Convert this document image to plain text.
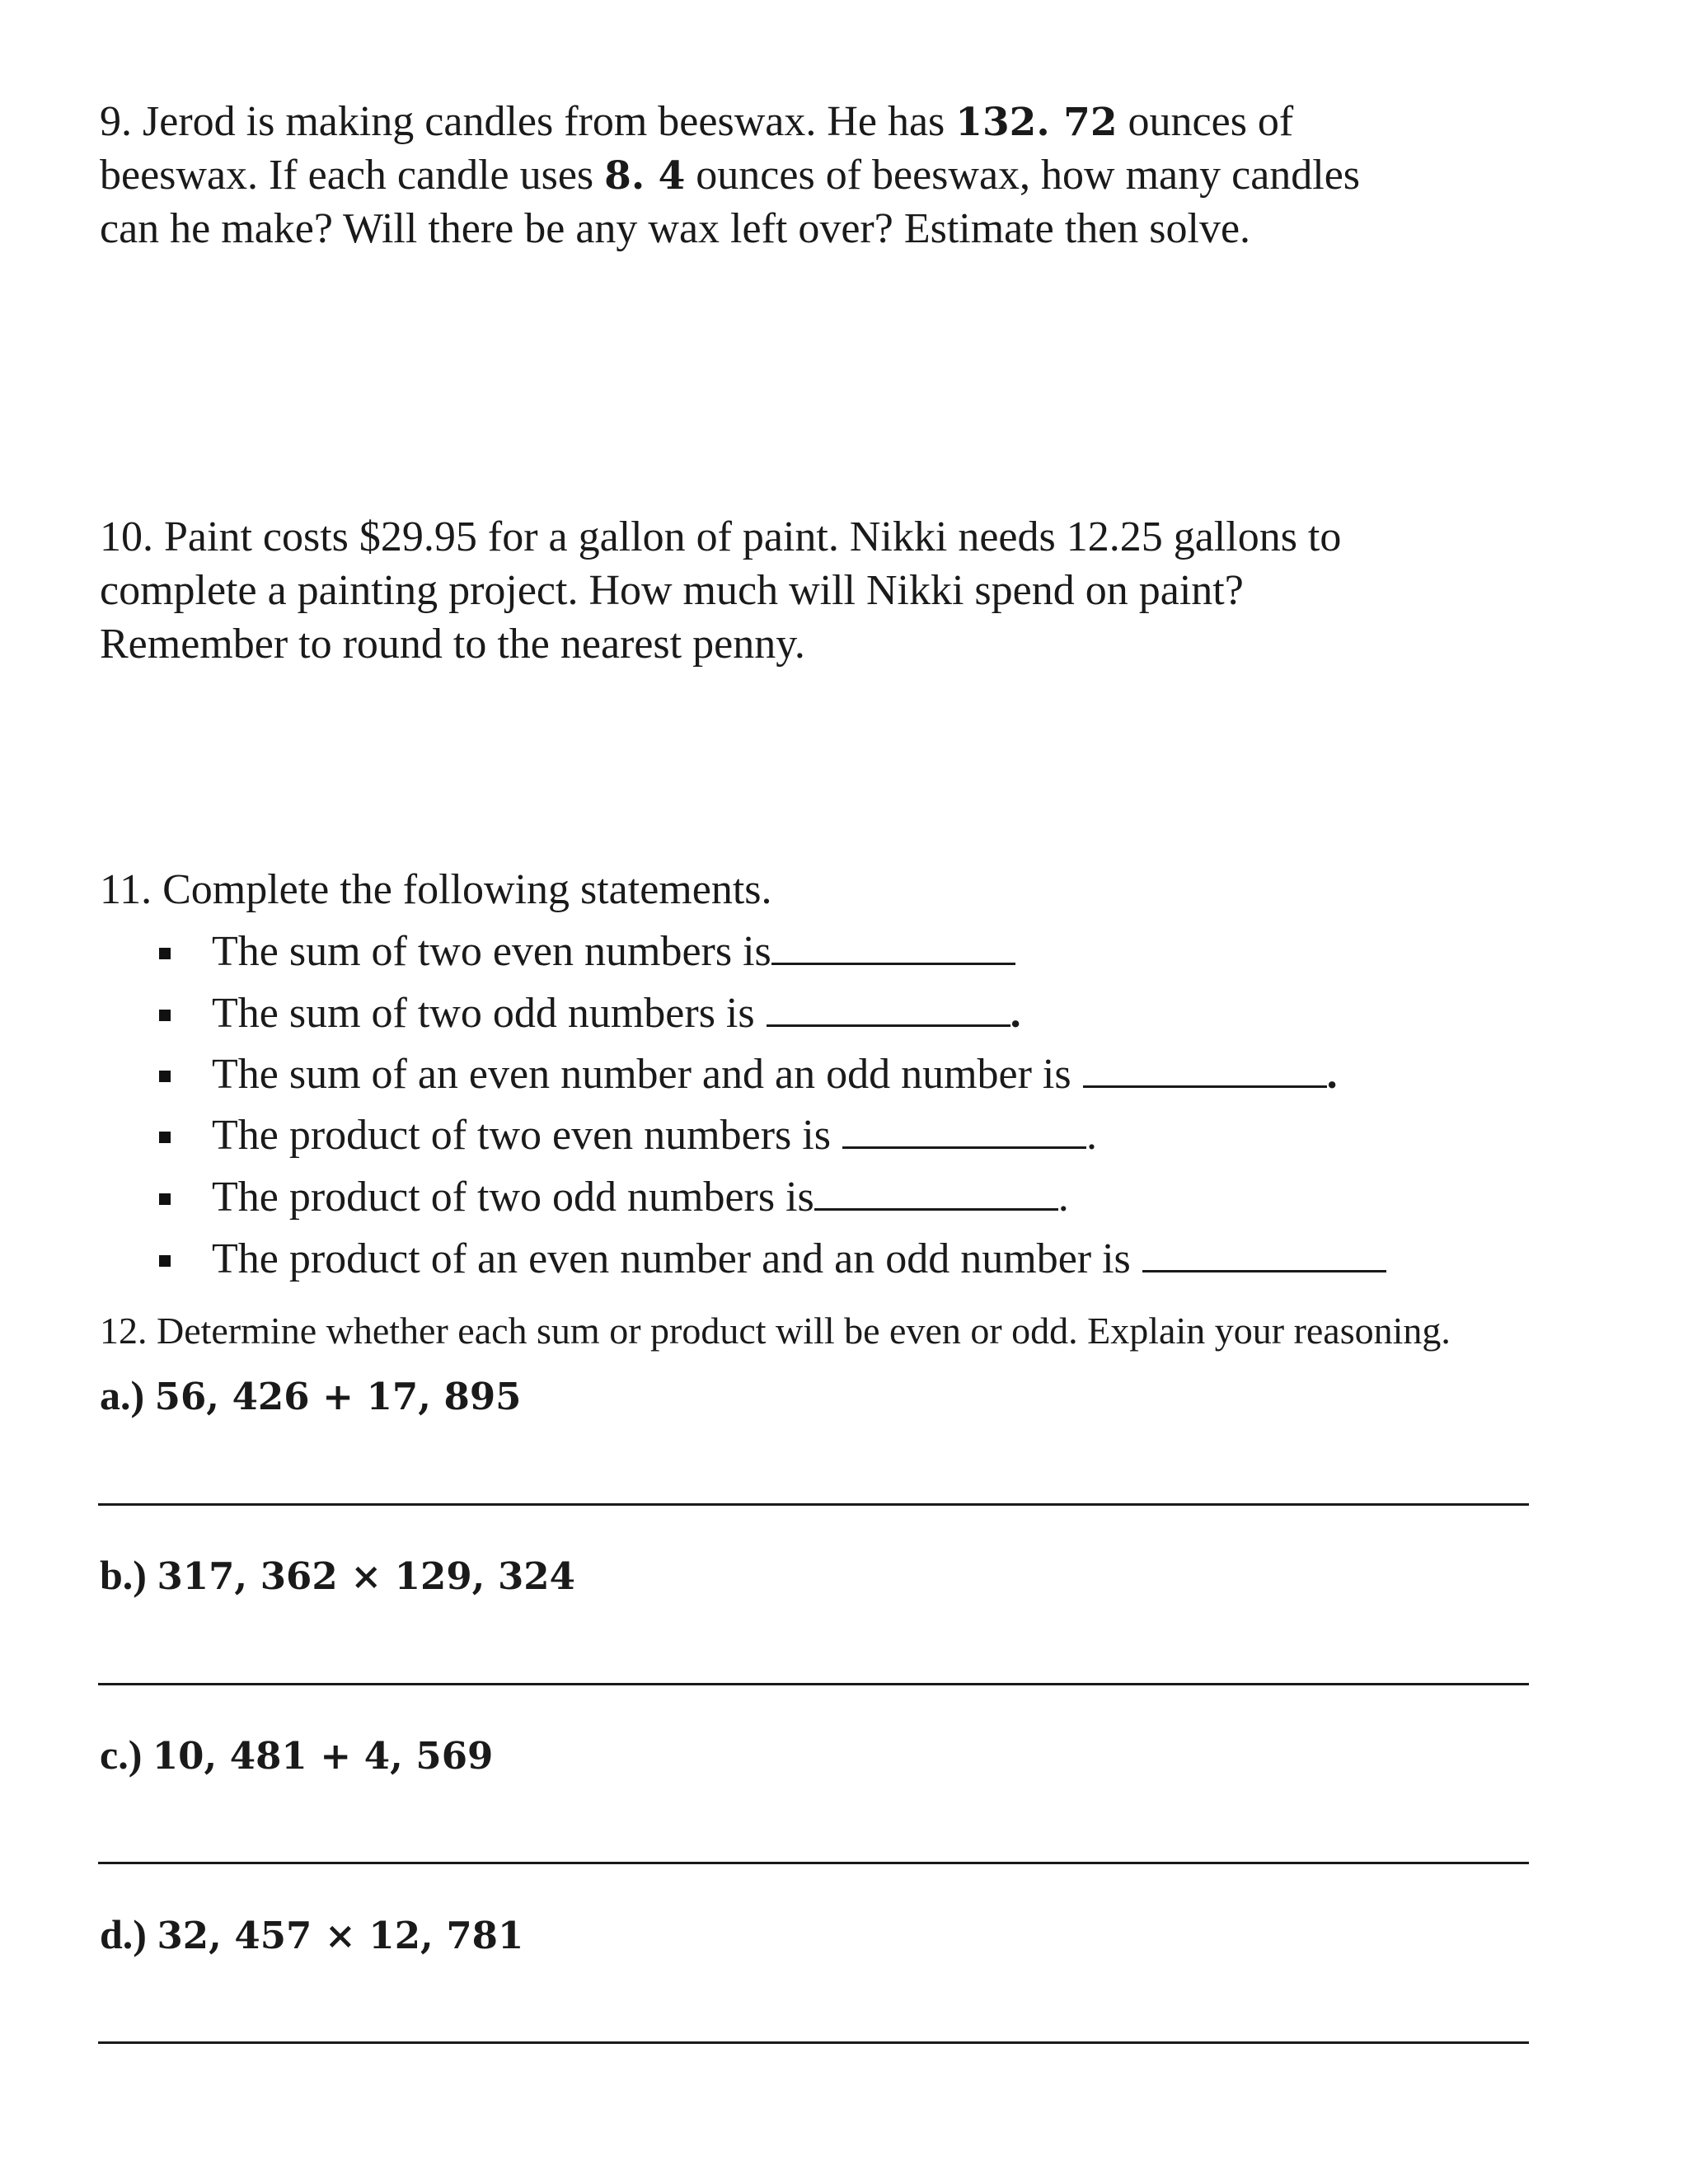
9. Jerod is making candles from beeswax. He has 132. 72 ounces of
beeswax. If each candle uses 8. 4 ounces of beeswax, how many candles
can he make? Will there be any wax left over? Estimate then solve.
10. Paint costs $29.95 for a gallon of paint. Nikki needs 12.25 gallons to
complete a painting project. How much will Nikki spend on paint?
Remember to round to the nearest penny.
11. Complete the following statements.
The sum of two even numbers is
The sum of two odd numbers is	.
The sum of an even number and an odd number is	.
The product of two even numbers is	.
The product of two odd numbers is	.
The product of an even number and an odd number is
12. Determine whether each sum or product will be even or odd. Explain your reasoning.
a.) 56, 426 + 17, 895
b.) 317, 362 × 129, 324
c.) 10, 481 + 4, 569
d.) 32, 457 × 12, 781
